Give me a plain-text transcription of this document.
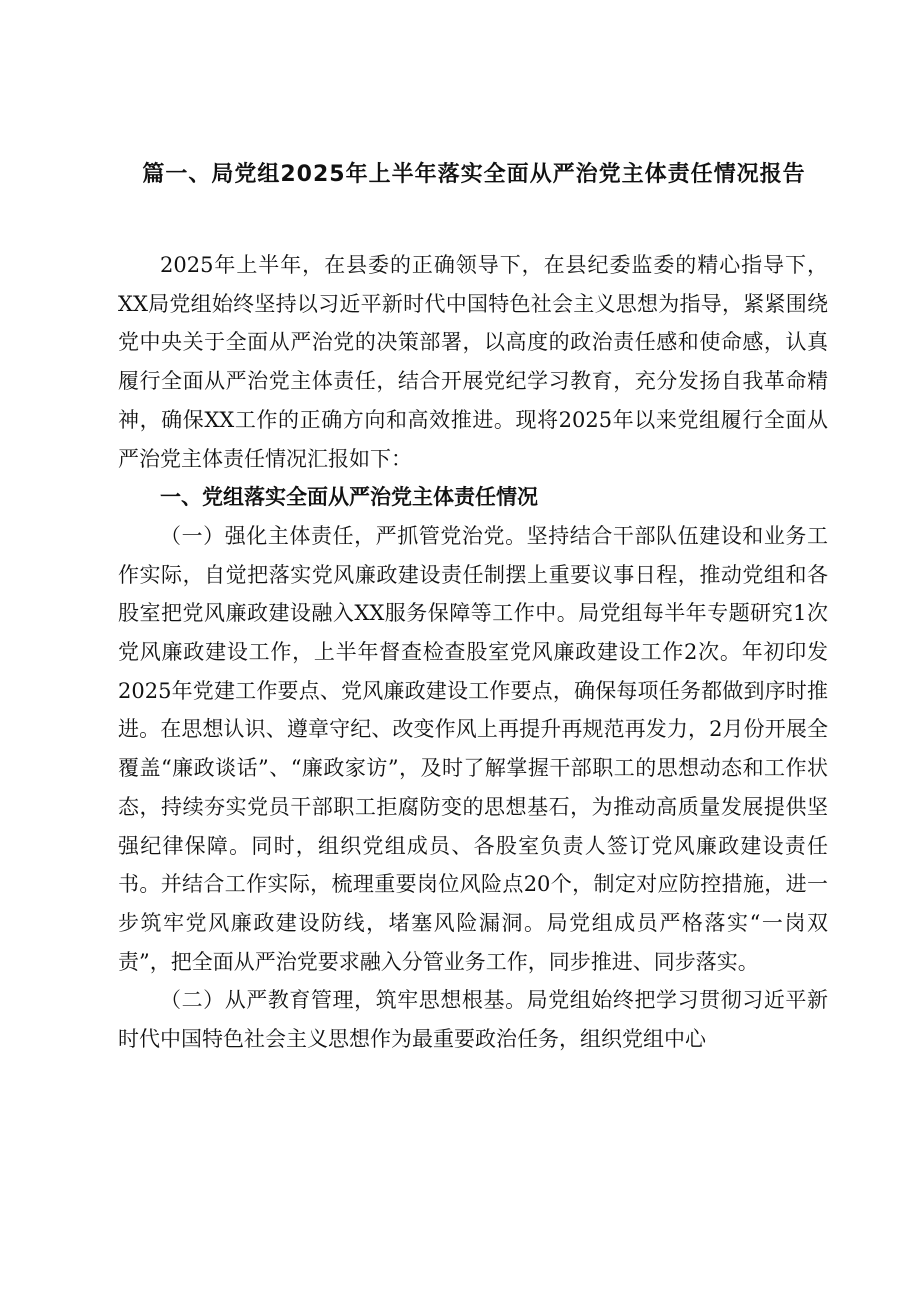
篇一、局党组2025年上半年落实全面从严治党主体责任情况报告

2025年上半年，在县委的正确领导下，在县纪委监委的精心指导下，XX局党组始终坚持以习近平新时代中国特色社会主义思想为指导，紧紧围绕党中央关于全面从严治党的决策部署，以高度的政治责任感和使命感，认真履行全面从严治党主体责任，结合开展党纪学习教育，充分发扬自我革命精神，确保XX工作的正确方向和高效推进。现将2025年以来党组履行全面从严治党主体责任情况汇报如下：

一、党组落实全面从严治党主体责任情况

（一）强化主体责任，严抓管党治党。坚持结合干部队伍建设和业务工作实际，自觉把落实党风廉政建设责任制摆上重要议事日程，推动党组和各股室把党风廉政建设融入XX服务保障等工作中。局党组每半年专题研究1次党风廉政建设工作，上半年督查检查股室党风廉政建设工作2次。年初印发2025年党建工作要点、党风廉政建设工作要点，确保每项任务都做到序时推进。在思想认识、遵章守纪、改变作风上再提升再规范再发力，2月份开展全覆盖“廉政谈话”、“廉政家访”，及时了解掌握干部职工的思想动态和工作状态，持续夯实党员干部职工拒腐防变的思想基石，为推动高质量发展提供坚强纪律保障。同时，组织党组成员、各股室负责人签订党风廉政建设责任书。并结合工作实际，梳理重要岗位风险点20个，制定对应防控措施，进一步筑牢党风廉政建设防线，堵塞风险漏洞。局党组成员严格落实“一岗双责”，把全面从严治党要求融入分管业务工作，同步推进、同步落实。

（二）从严教育管理，筑牢思想根基。局党组始终把学习贯彻习近平新时代中国特色社会主义思想作为最重要政治任务，组织党组中心
